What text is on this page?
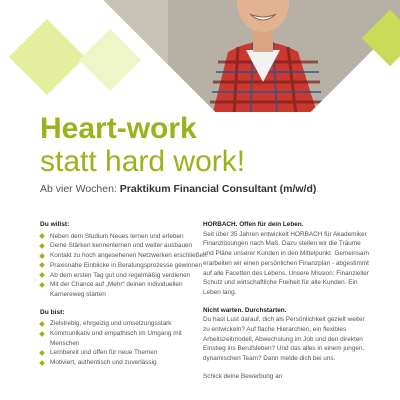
Heart-work
statt hard work!
Ab vier Wochen: Praktikum Financial Consultant (m/w/d)
Du willst:
Neben dem Studium Neues lernen und erleben
Deine Stärken kennenlernen und weiter ausbauen
Kontakt zu hoch angesehenen Netzwerken erschließen
Praxisnahe Einblicke in Beratungsprozesse gewinnen
Ab dem ersten Tag gut und regelmäßig verdienen
Mit der Chance auf „Mehr“ deinen individuellen Karriereweg starten
Du bist:
Zielstrebig, ehrgeizig und umsetzungsstark
Kommunikativ und empathisch im Umgang mit Menschen
Lernbereit und offen für neue Themen
Motiviert, authentisch und zuverlässig
HORBACH. Offen für dein Leben.

Seit über 35 Jahren entwickelt HORBACH für Akademiker Finanzlösungen nach Maß. Dazu stellen wir die Träume und Pläne unserer Kunden in den Mittelpunkt. Gemeinsam erarbeiten wir einen persönlichen Finanzplan - abgestimmt auf alle Facetten des Lebens. Unsere Mission: Finanzieller Schutz und wirtschaftliche Freiheit für alle Kunden. Ein Leben lang.

Nicht warten. Durchstarten.

Du hast Lust darauf, dich als Persönlichkeit gezielt weiter zu entwickeln? Auf flache Hierarchien, ein flexibles Arbeitszeitmodell, Abwechslung im Job und den direkten Einstieg ins Berufsleben? Und das alles in einem jungen, dynamischen Team? Dann melde dich bei uns.

Schick deine Bewerbung an
